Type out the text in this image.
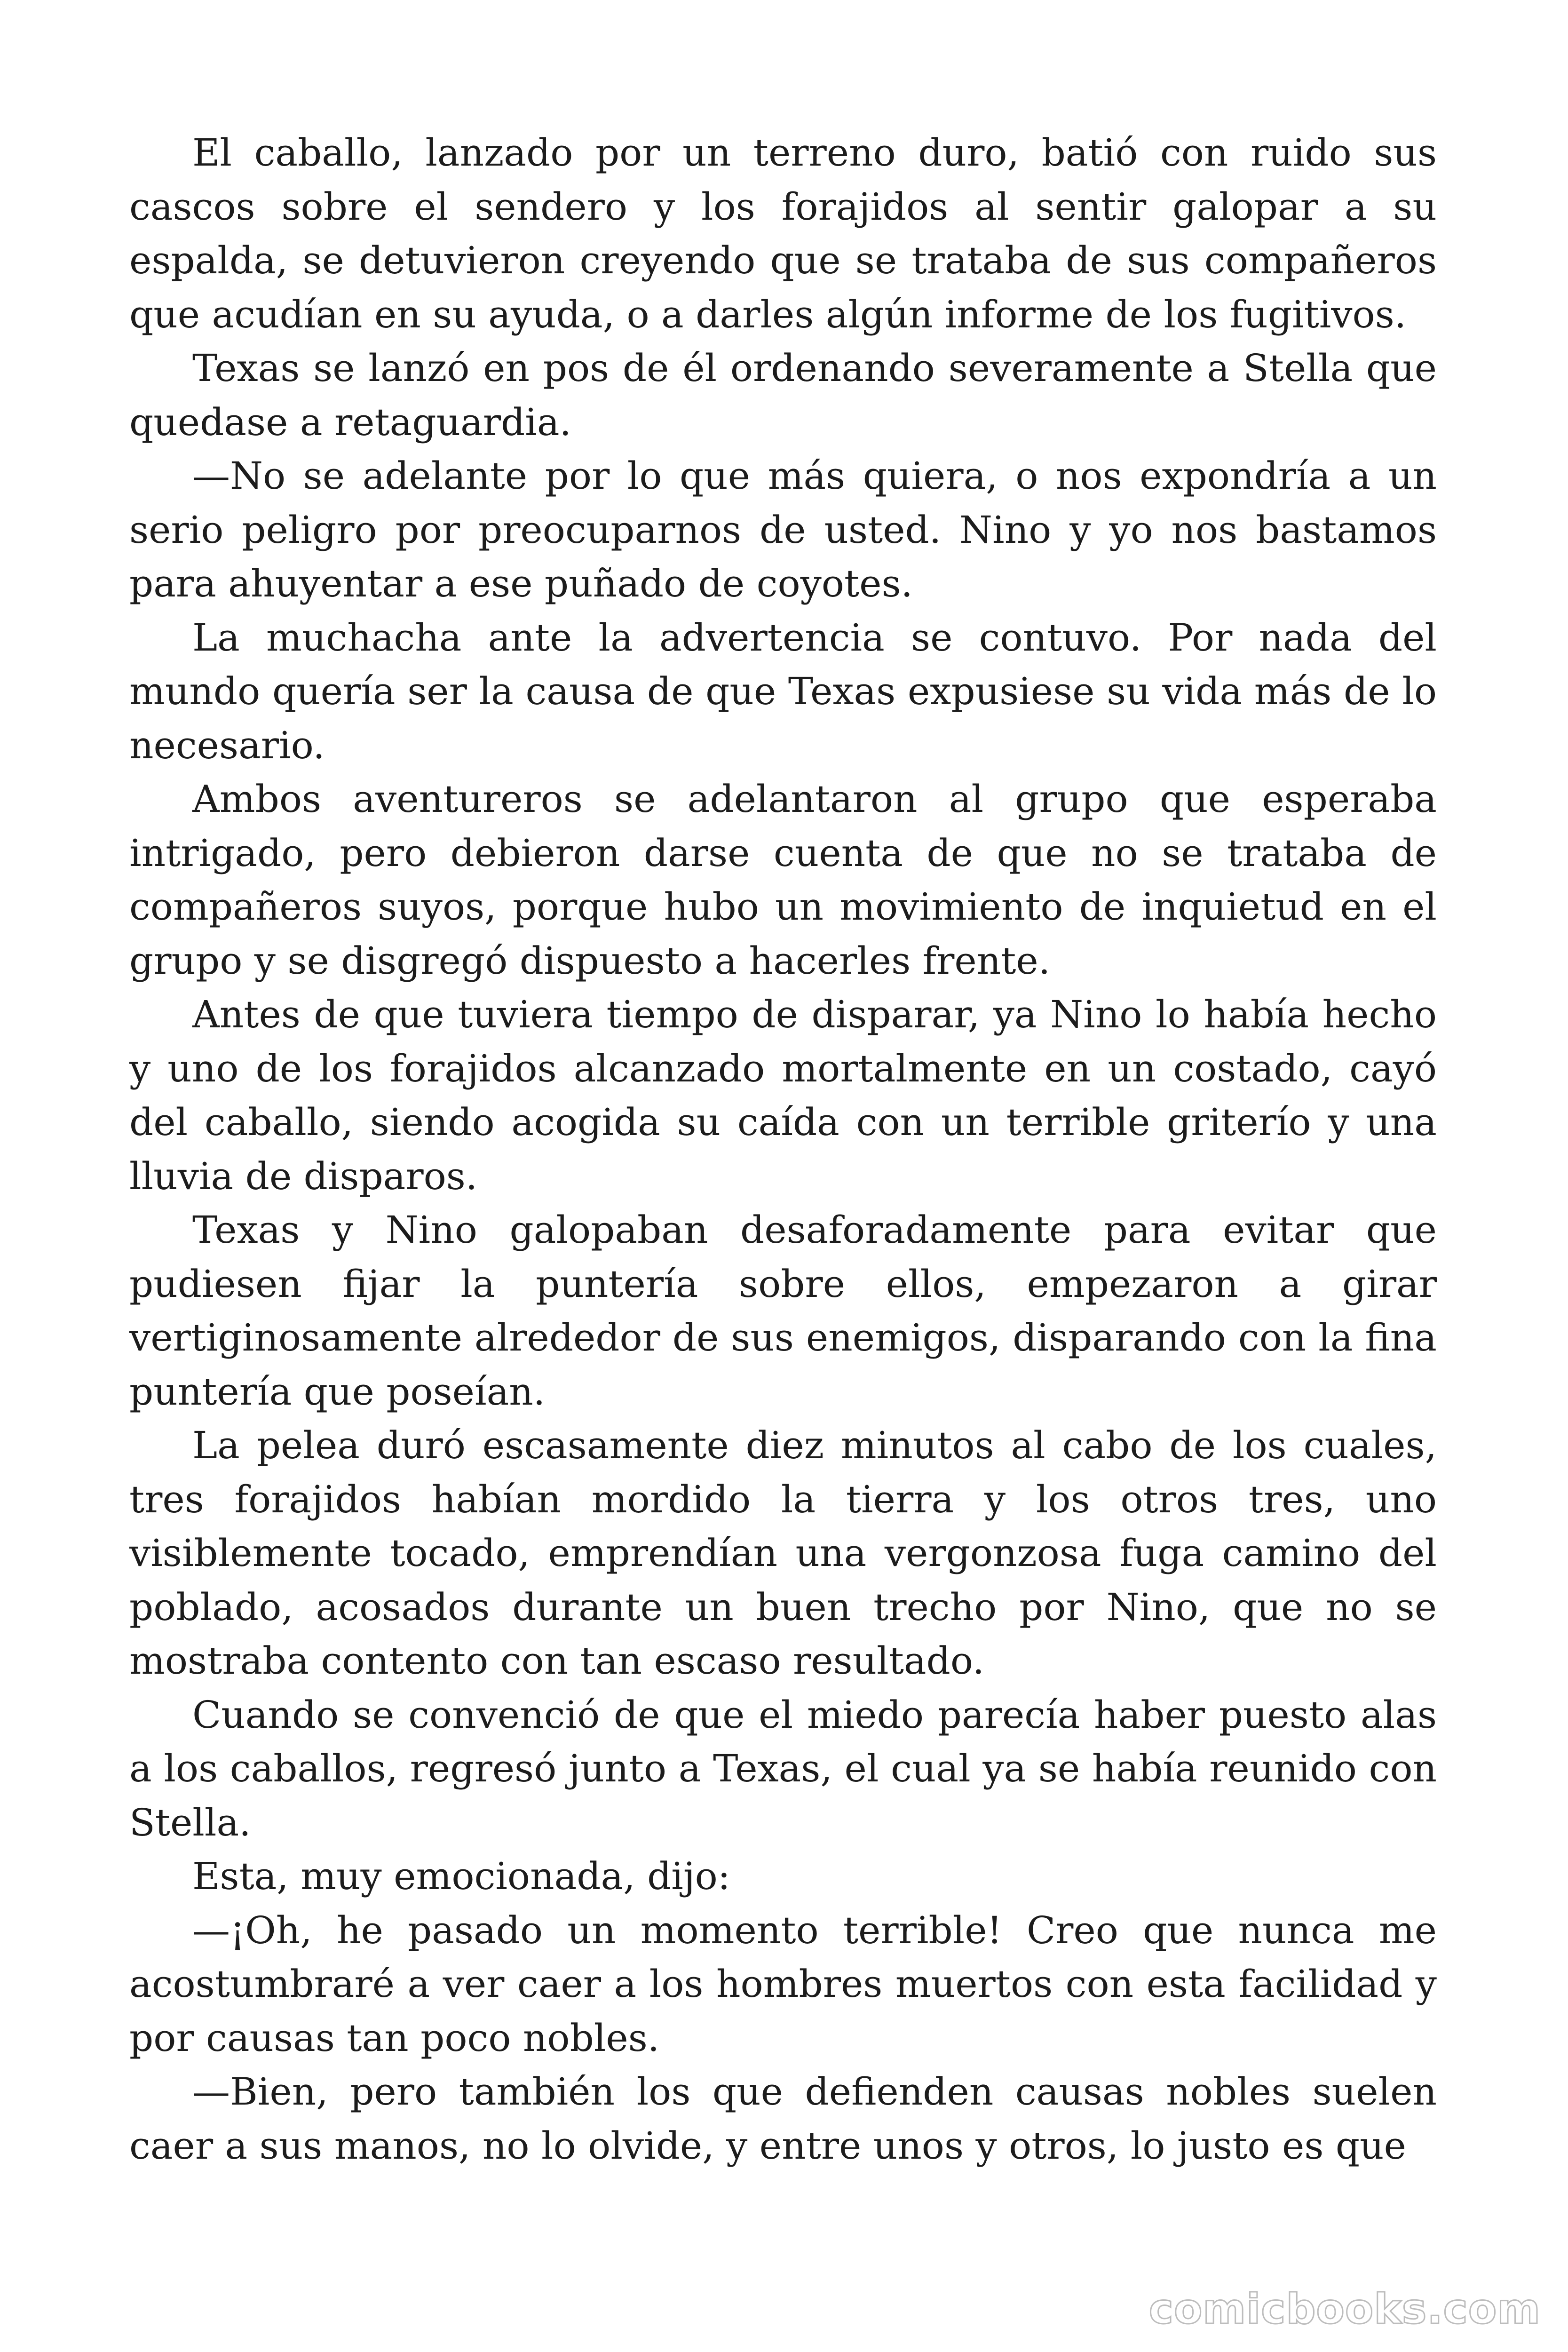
El caballo, lanzado por un terreno duro, batió con ruido sus cascos sobre el sendero y los forajidos al sentir galopar a su espalda, se detuvieron creyendo que se trataba de sus compañeros que acudían en su ayuda, o a darles algún informe de los fugitivos.

Texas se lanzó en pos de él ordenando severamente a Stella que quedase a retaguardia.

—No se adelante por lo que más quiera, o nos expondría a un serio peligro por preocuparnos de usted. Nino y yo nos bastamos para ahuyentar a ese puñado de coyotes.

La muchacha ante la advertencia se contuvo. Por nada del mundo quería ser la causa de que Texas expusiese su vida más de lo necesario.

Ambos aventureros se adelantaron al grupo que esperaba intrigado, pero debieron darse cuenta de que no se trataba de compañeros suyos, porque hubo un movimiento de inquietud en el grupo y se disgregó dispuesto a hacerles frente.

Antes de que tuviera tiempo de disparar, ya Nino lo había hecho y uno de los forajidos alcanzado mortalmente en un costado, cayó del caballo, siendo acogida su caída con un terrible griterío y una lluvia de disparos.

Texas y Nino galopaban desaforadamente para evitar que pudiesen fijar la puntería sobre ellos, empezaron a girar vertiginosamente alrededor de sus enemigos, disparando con la fina puntería que poseían.

La pelea duró escasamente diez minutos al cabo de los cuales, tres forajidos habían mordido la tierra y los otros tres, uno visiblemente tocado, emprendían una vergonzosa fuga camino del poblado, acosados durante un buen trecho por Nino, que no se mostraba contento con tan escaso resultado.

Cuando se convenció de que el miedo parecía haber puesto alas a los caballos, regresó junto a Texas, el cual ya se había reunido con Stella.

Esta, muy emocionada, dijo:

—¡Oh, he pasado un momento terrible! Creo que nunca me acostumbraré a ver caer a los hombres muertos con esta facilidad y por causas tan poco nobles.

—Bien, pero también los que defienden causas nobles suelen caer a sus manos, no lo olvide, y entre unos y otros, lo justo es que

comicbooks.com
